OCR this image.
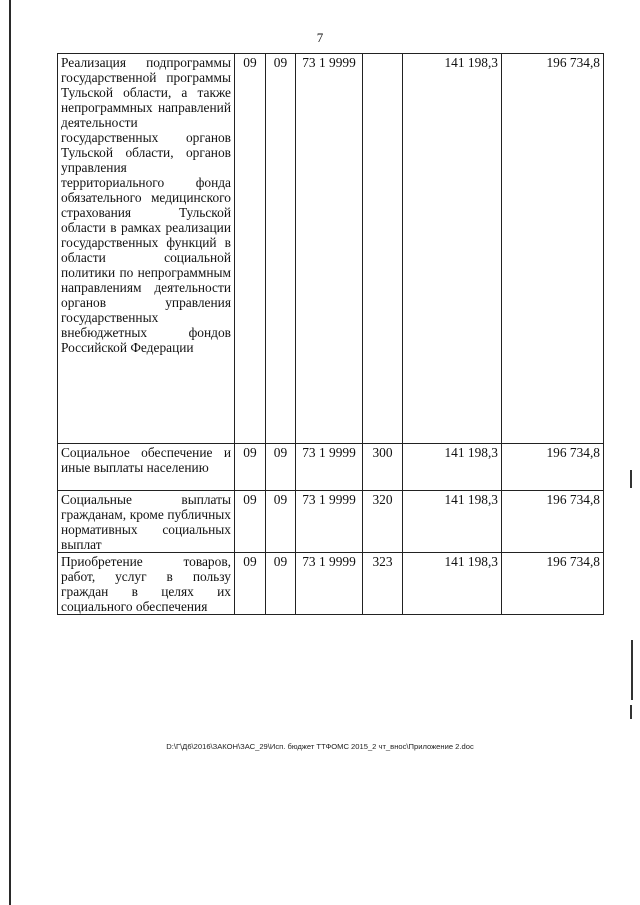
7
Реализация подпрограммы государственной программы Тульской области, а также непрограммных направлений деятельности государственных органов Тульской области, органов управления территориального фонда обязательного медицинского страхования Тульской области в рамках реализации государственных функций в области социальной политики по непрограммным направлениям деятельности органов управления государственных внебюджетных фондов Российской Федерации	09	09	73 1 9999		141 198,3	196 734,8
Социальное обеспечение и иные выплаты населению	09	09	73 1 9999	300	141 198,3	196 734,8
Социальные выплаты гражданам, кроме публичных нормативных социальных выплат	09	09	73 1 9999	320	141 198,3	196 734,8
Приобретение товаров, работ, услуг в пользу граждан в целях их социального обеспечения	09	09	73 1 9999	323	141 198,3	196 734,8
D:\Г\Д6\2016\ЗАКОН\ЗАС_29\Исп. бюджет ТТФОМС 2015_2 чт_внос\Приложение 2.doc
